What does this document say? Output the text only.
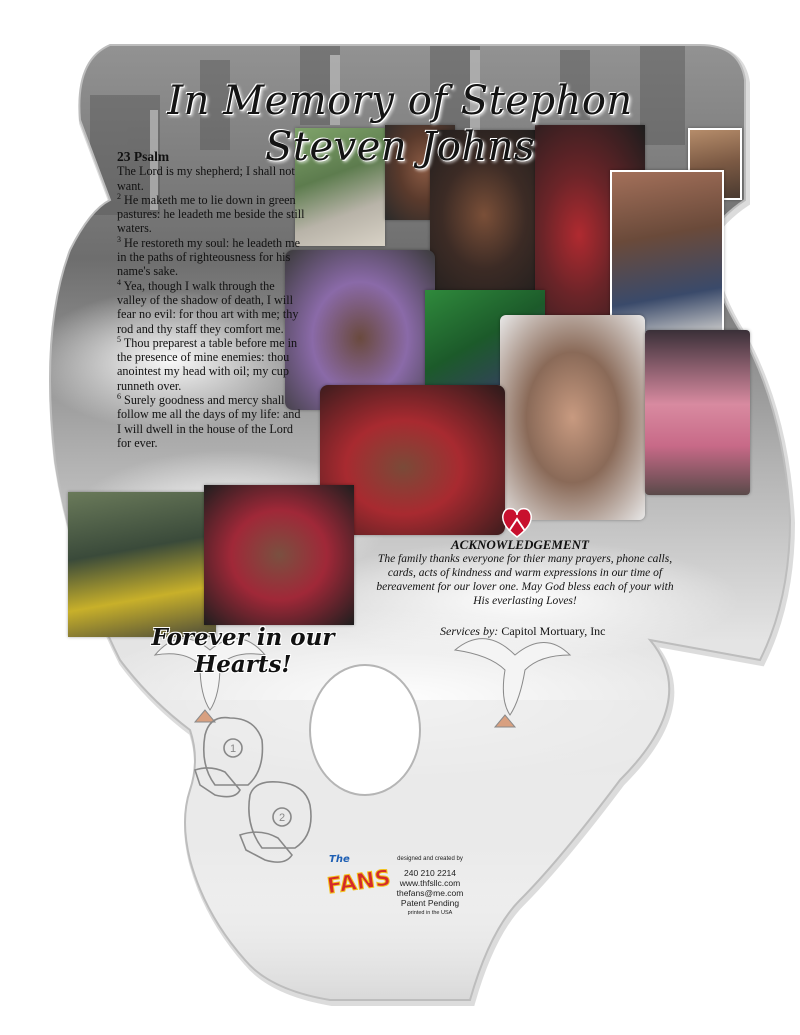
1
2
In Memory of Stephon Steven Johns
23 Psalm

The Lord is my shepherd; I shall not want.

$^2$ He maketh me to lie down in green pastures: he leadeth me beside the still waters.

$^3$ He restoreth my soul: he leadeth me in the paths of righteousness for his name's sake.

$^4$ Yea, though I walk through the valley of the shadow of death, I will fear no evil: for thou art with me; thy rod and thy staff they comfort me.

$^5$ Thou preparest a table before me in the presence of mine enemies: thou anointest my head with oil; my cup runneth over.

$^6$ Surely goodness and mercy shall follow me all the days of my life: and I will dwell in the house of the Lord for ever.

ACKNOWLEDGEMENT
The family thanks everyone for thier many prayers, phone calls, cards, acts of kindness and warm expressions in our time of bereavement for our lover one. May God bless each of your with His everlasting Loves!
Services by: Capitol Mortuary, Inc
Forever in our Hearts!
The
FANS
designed and created by
240 210 2214
www.thfsllc.com
thefans@me.com
Patent Pending
printed in the USA
